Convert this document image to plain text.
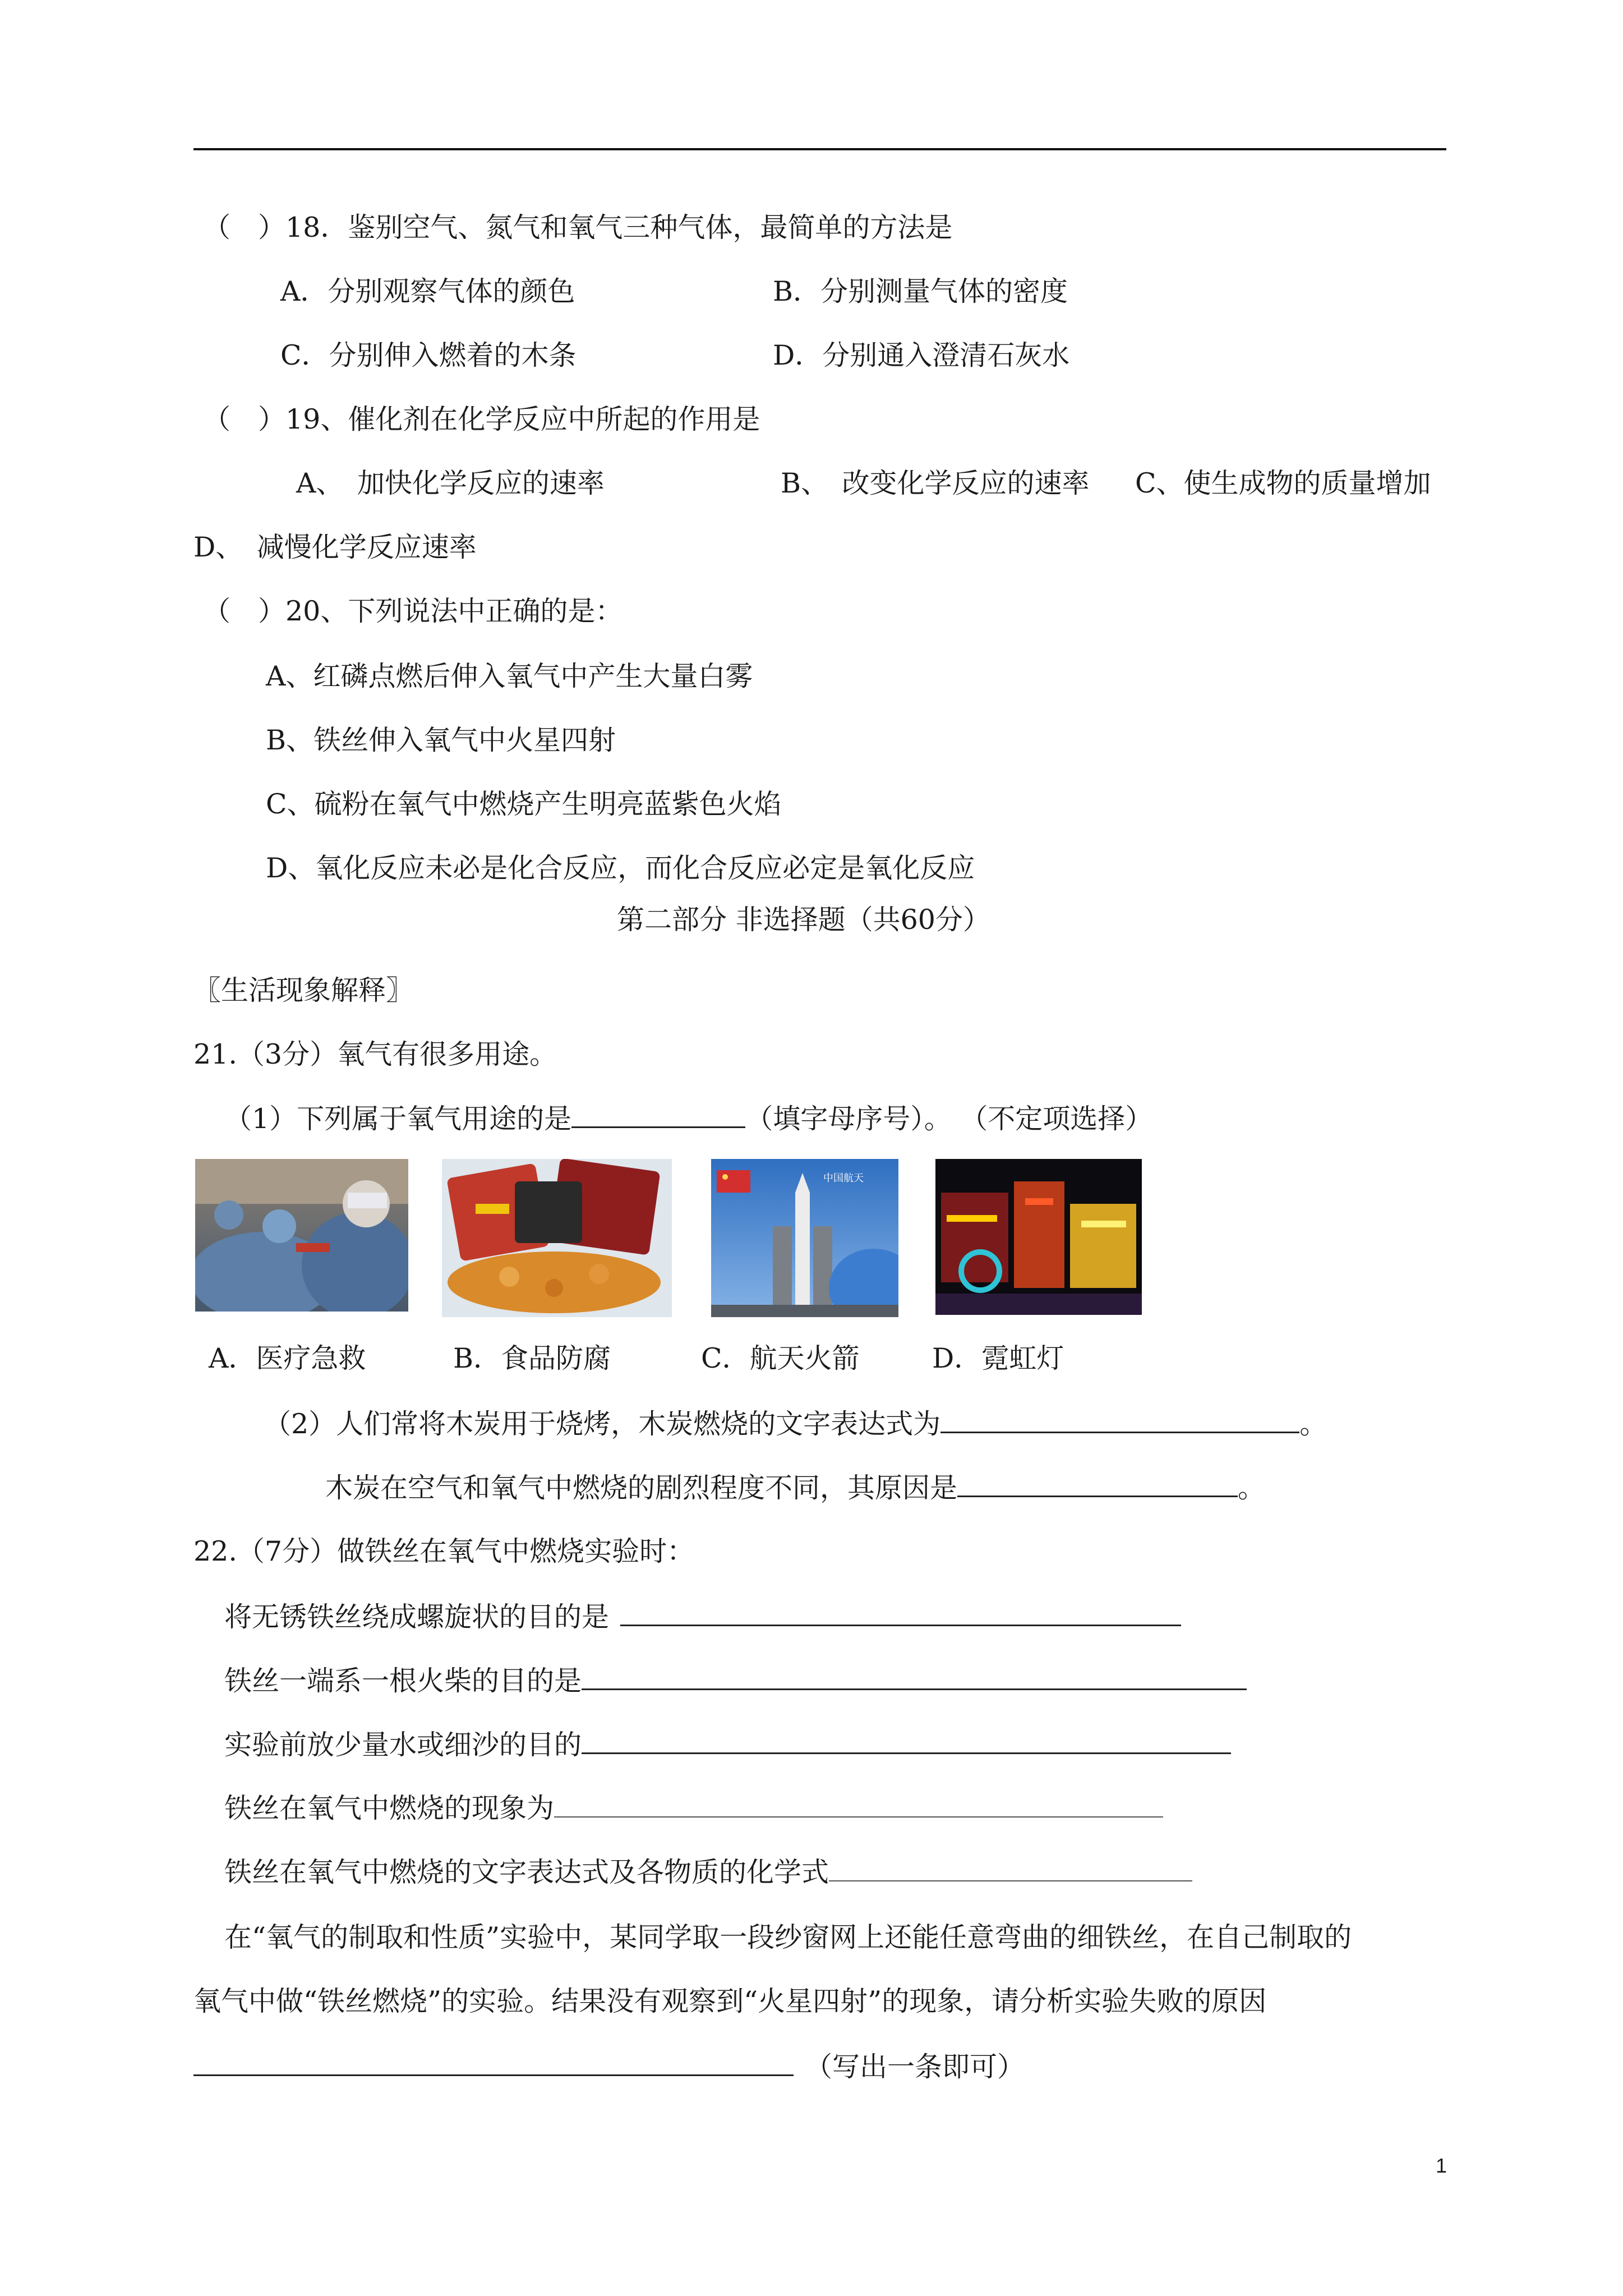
（　）18．鉴别空气、氮气和氧气三种气体，最简单的方法是
A．分别观察气体的颜色	B．分别测量气体的密度
C．分别伸入燃着的木条	D．分别通入澄清石灰水
（　）19、催化剂在化学反应中所起的作用是
A、　加快化学反应的速率	B、　改变化学反应的速率 C、使生成物的质量增加
D、　减慢化学反应速率
（　）20、下列说法中正确的是：
A、红磷点燃后伸入氧气中产生大量白雾
B、铁丝伸入氧气中火星四射
C、硫粉在氧气中燃烧产生明亮蓝紫色火焰
D、氧化反应未必是化合反应，而化合反应必定是氧化反应
第二部分 非选择题（共60分）
〖生活现象解释〗
21.（3分）氧气有很多用途。
（1）下列属于氧气用途的是	（填字母序号）。 （不定项选择）
中国航天
A．医疗急救	B．食品防腐	C．航天火箭	D．霓虹灯
（2）人们常将木炭用于烧烤，木炭燃烧的文字表达式为	。
木炭在空气和氧气中燃烧的剧烈程度不同，其原因是	。
22.（7分）做铁丝在氧气中燃烧实验时：
将无锈铁丝绕成螺旋状的目的是
铁丝一端系一根火柴的目的是
实验前放少量水或细沙的目的
铁丝在氧气中燃烧的现象为
铁丝在氧气中燃烧的文字表达式及各物质的化学式
在“氧气的制取和性质”实验中，某同学取一段纱窗网上还能任意弯曲的细铁丝，在自己制取的
氧气中做“铁丝燃烧”的实验。结果没有观察到“火星四射”的现象，请分析实验失败的原因
（写出一条即可）
1
